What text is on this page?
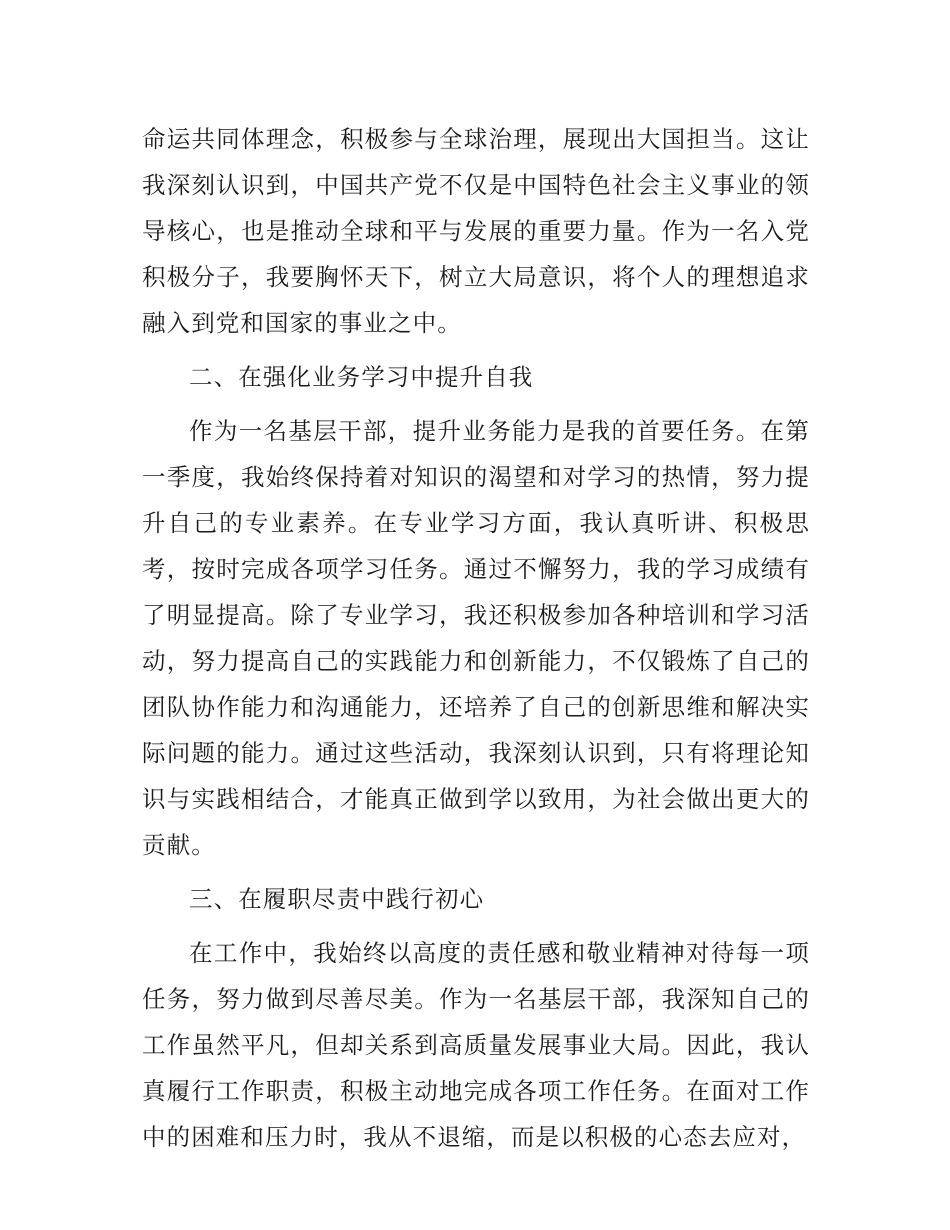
命运共同体理念，积极参与全球治理，展现出大国担当。这让我深刻认识到，中国共产党不仅是中国特色社会主义事业的领导核心，也是推动全球和平与发展的重要力量。作为一名入党积极分子，我要胸怀天下，树立大局意识，将个人的理想追求融入到党和国家的事业之中。

二、在强化业务学习中提升自我

作为一名基层干部，提升业务能力是我的首要任务。在第一季度，我始终保持着对知识的渴望和对学习的热情，努力提升自己的专业素养。在专业学习方面，我认真听讲、积极思考，按时完成各项学习任务。通过不懈努力，我的学习成绩有了明显提高。除了专业学习，我还积极参加各种培训和学习活动，努力提高自己的实践能力和创新能力，不仅锻炼了自己的团队协作能力和沟通能力，还培养了自己的创新思维和解决实际问题的能力。通过这些活动，我深刻认识到，只有将理论知识与实践相结合，才能真正做到学以致用，为社会做出更大的贡献。

三、在履职尽责中践行初心

在工作中，我始终以高度的责任感和敬业精神对待每一项任务，努力做到尽善尽美。作为一名基层干部，我深知自己的工作虽然平凡，但却关系到高质量发展事业大局。因此，我认真履行工作职责，积极主动地完成各项工作任务。在面对工作中的困难和压力时，我从不退缩，而是以积极的心态去应对，
